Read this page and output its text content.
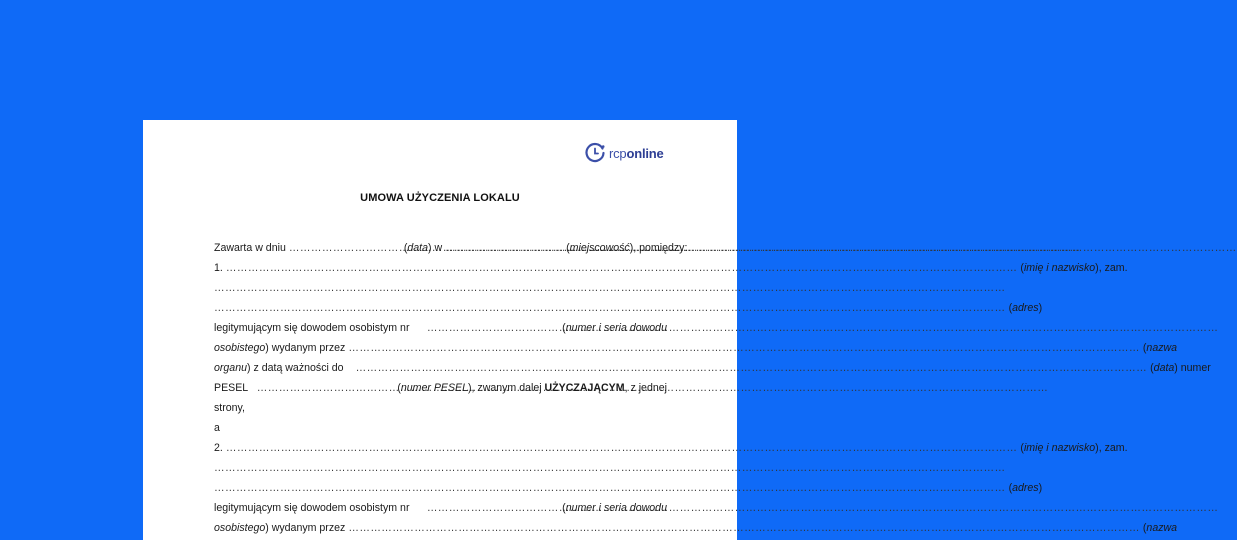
rcponline
UMOWA UŻYCZENIA LOKALU
Zawarta w dniu ………………………………………………………………………………………………………………………………………………………………………………………………	( data ) w ………………………………………………………………………………………………………………………………………………………………………………………………	( miejscowość ), pomiędzy:
1. ………………………………………………………………………………………………………………………………………………………………………………………………	( imię i nazwisko ), zam.
………………………………………………………………………………………………………………………………………………………………………………………………
………………………………………………………………………………………………………………………………………………………………………………………………
( adres )
legitymującym się dowodem osobistym nr ………………………………………………………………………………………………………………………………………………………………………………………………	(numer i seria dowodu
osobistego ) wydanym przez ………………………………………………………………………………………………………………………………………………………………………………………………	( nazwa
organu ) z datą ważności do ………………………………………………………………………………………………………………………………………………………………………………………………	( data ) numer
PESEL ………………………………………………………………………………………………………………………………………………………………………………………………	(numer PESEL), zwanym dalej UŻYCZAJĄCYM, z jednej
strony,
a
2. ………………………………………………………………………………………………………………………………………………………………………………………………	( imię i nazwisko ), zam.
………………………………………………………………………………………………………………………………………………………………………………………………
………………………………………………………………………………………………………………………………………………………………………………………………
( adres )
legitymującym się dowodem osobistym nr ………………………………………………………………………………………………………………………………………………………………………………………………	(numer i seria dowodu
osobistego ) wydanym przez ………………………………………………………………………………………………………………………………………………………………………………………………	( nazwa
